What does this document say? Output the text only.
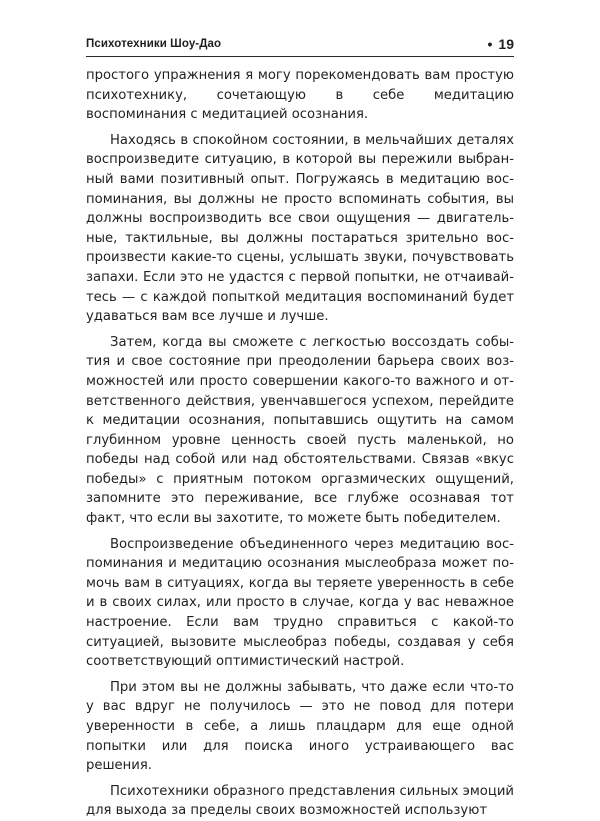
Психотехники Шоу-Дао	• 19

простого упражнения я могу порекомендовать вам простую психотехнику, сочетающую в себе медитацию воспоминания с медитацией осознания.

Находясь в спокойном состоянии, в мельчайших деталях воспроизведите ситуацию, в которой вы пережили выбранный вами позитивный опыт. Погружаясь в медитацию воспоминания, вы должны не просто вспоминать события, вы должны воспроизводить все свои ощущения — двигательные, тактильные, вы должны постараться зрительно воспроизвести какие-то сцены, услышать звуки, почувствовать запахи. Если это не удастся с первой попытки, не отчаивайтесь — с каждой попыткой медитация воспоминаний будет удаваться вам все лучше и лучше.

Затем, когда вы сможете с легкостью воссоздать события и свое состояние при преодолении барьера своих возможностей или просто совершении какого-то важного и ответственного действия, увенчавшегося успехом, перейдите к медитации осознания, попытавшись ощутить на самом глубинном уровне ценность своей пусть маленькой, но победы над собой или над обстоятельствами. Связав «вкус победы» с приятным потоком оргазмических ощущений, запомните это переживание, все глубже осознавая тот факт, что если вы захотите, то можете быть победителем.

Воспроизведение объединенного через медитацию воспоминания и медитацию осознания мыслеобраза может помочь вам в ситуациях, когда вы теряете уверенность в себе и в своих силах, или просто в случае, когда у вас неважное настроение. Если вам трудно справиться с какой-то ситуацией, вызовите мыслеобраз победы, создавая у себя соответствующий оптимистический настрой.

При этом вы не должны забывать, что даже если что-то у вас вдруг не получилось — это не повод для потери уверенности в себе, а лишь плацдарм для еще одной попытки или для поиска иного устраивающего вас решения.

Психотехники образного представления сильных эмоций для выхода за пределы своих возможностей используют
